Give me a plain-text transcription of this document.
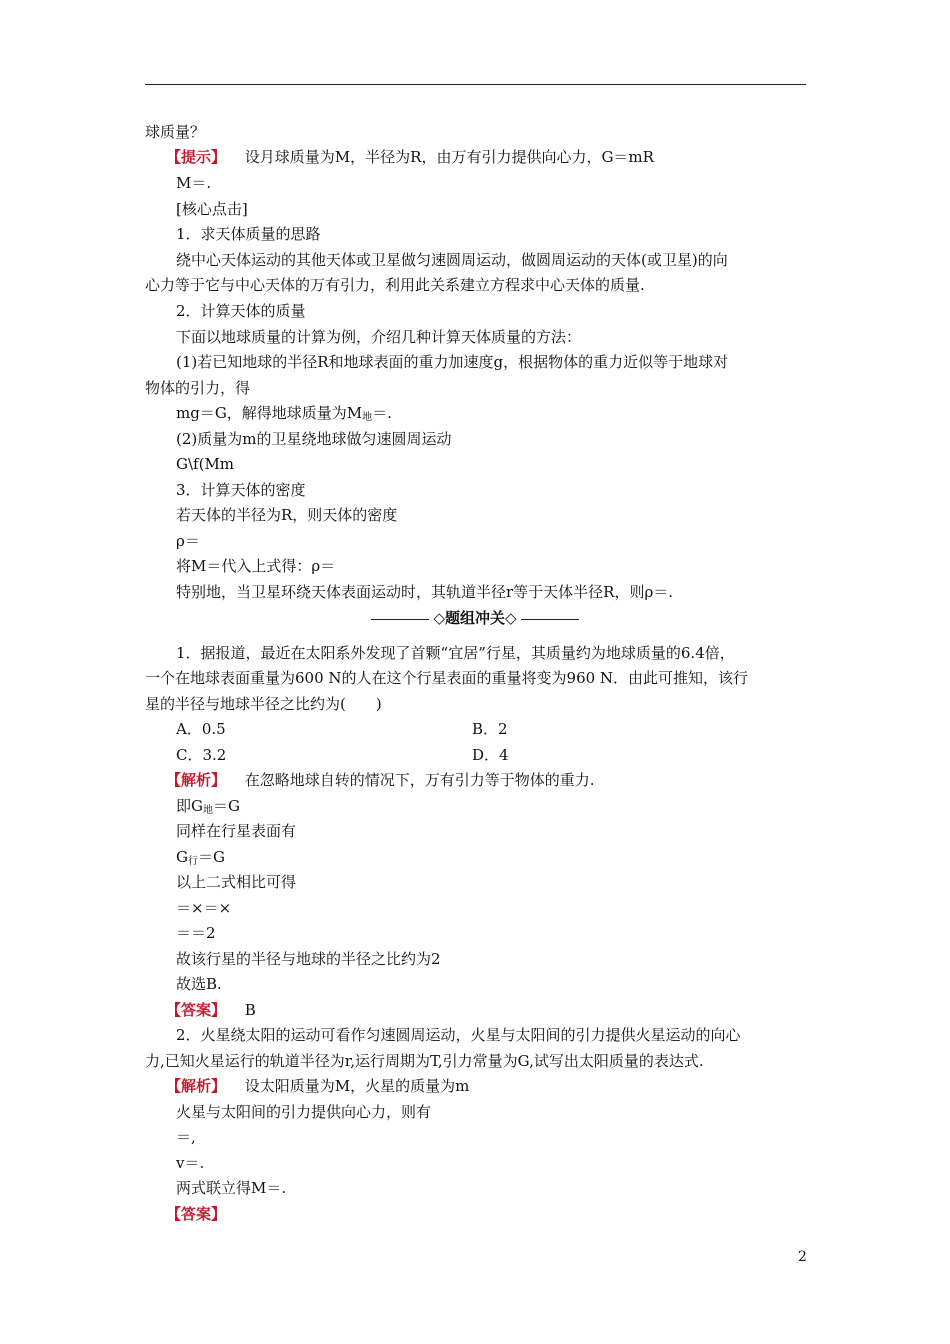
球质量？
【提示】 设月球质量为M，半径为R，由万有引力提供向心力，G＝mR
M＝.
[核心点击]
1．求天体质量的思路
绕中心天体运动的其他天体或卫星做匀速圆周运动，做圆周运动的天体(或卫星)的向
心力等于它与中心天体的万有引力，利用此关系建立方程求中心天体的质量.
2．计算天体的质量
下面以地球质量的计算为例，介绍几种计算天体质量的方法：
(1)若已知地球的半径R和地球表面的重力加速度g，根据物体的重力近似等于地球对
物体的引力，得
mg＝G，解得地球质量为$M_地=$.
(2)质量为m的卫星绕地球做匀速圆周运动
G\f(Mm
3．计算天体的密度
若天体的半径为R，则天体的密度
ρ＝
将M＝代入上式得：ρ＝
特别地，当卫星环绕天体表面运动时，其轨道半径r等于天体半径R，则ρ＝.
◇题组冲关◇
1．据报道，最近在太阳系外发现了首颗“宜居”行星，其质量约为地球质量的6.4倍，
一个在地球表面重量为600 N的人在这个行星表面的重量将变为960 N．由此可推知，该行
星的半径与地球半径之比约为(　　)
A．0.5	B．2
C．3.2	D．4
【解析】 在忽略地球自转的情况下，万有引力等于物体的重力.
即$G_地=G$
同样在行星表面有
$G_行=G$
以上二式相比可得
＝×＝×
＝＝2
故该行星的半径与地球的半径之比约为2
故选B.
【答案】 B
2．火星绕太阳的运动可看作匀速圆周运动，火星与太阳间的引力提供火星运动的向心
力,已知火星运行的轨道半径为r,运行周期为T,引力常量为G,试写出太阳质量的表达式.
【解析】 设太阳质量为M，火星的质量为m
火星与太阳间的引力提供向心力，则有
＝,
v＝.
两式联立得M＝.
【答案】
2
